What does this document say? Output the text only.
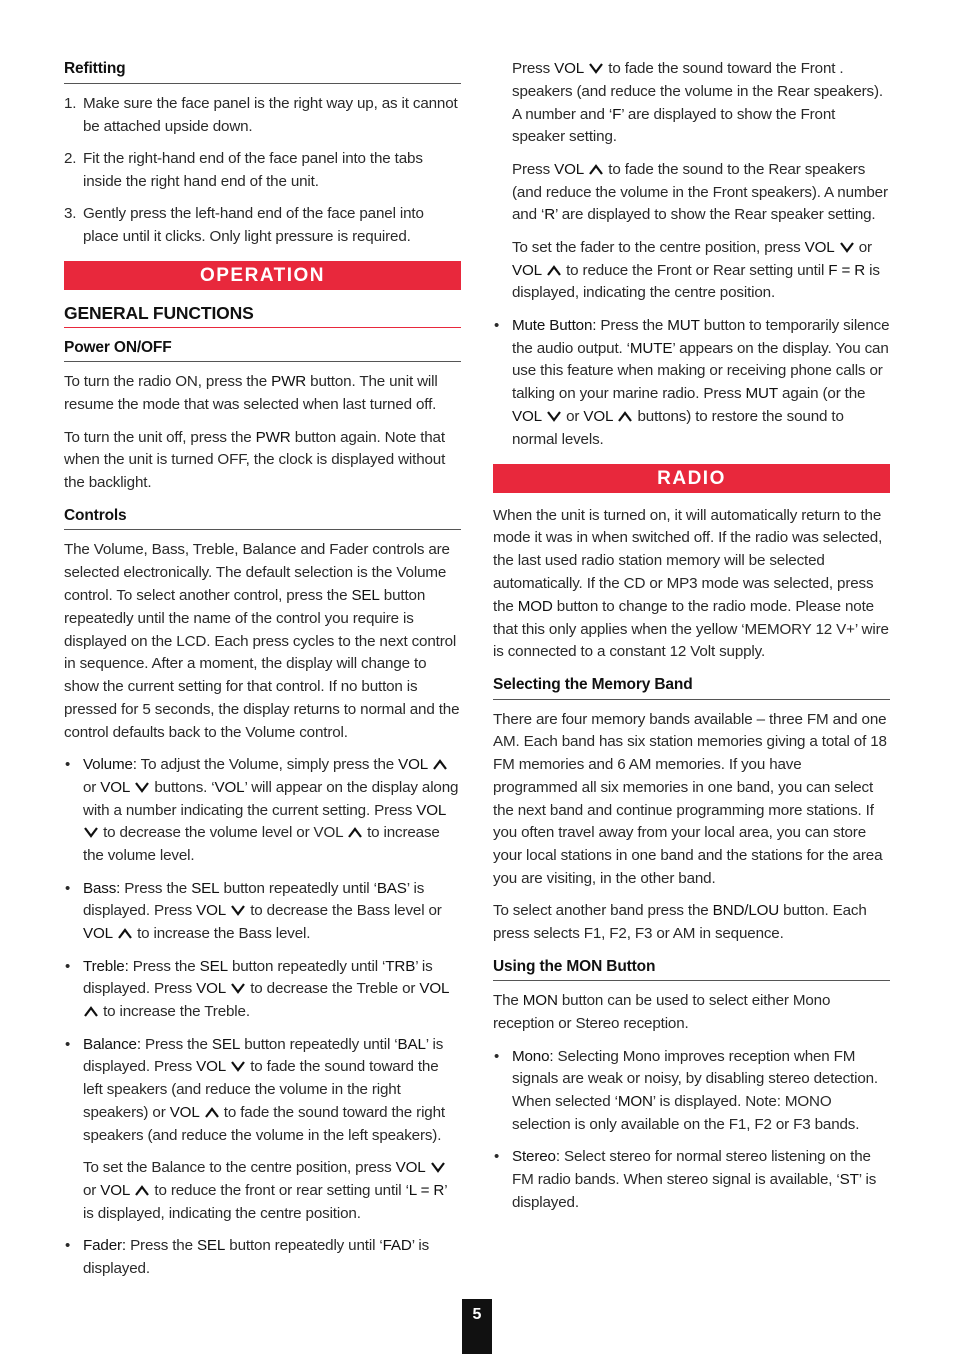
Refitting
1. Make sure the face panel is the right way up, as it cannot be attached upside down.
2. Fit the right-hand end of the face panel into the tabs inside the right hand end of the unit.
3. Gently press the left-hand end of the face panel into place until it clicks. Only light pressure is required.
OPERATION
GENERAL FUNCTIONS
Power ON/OFF

To turn the radio ON, press the PWR button. The unit will resume the mode that was selected when last turned off.

To turn the unit off, press the PWR button again. Note that when the unit is turned OFF, the clock is displayed without the backlight.

Controls

The Volume, Bass, Treble, Balance and Fader controls are selected electronically. The default selection is the Volume control. To select another control, press the SEL button repeatedly until the name of the control you require is displayed on the LCD. Each press cycles to the next control in sequence. After a moment, the display will change to show the current setting for that control. If no button is pressed for 5 seconds, the display returns to normal and the control defaults back to the Volume control.

• Volume: To adjust the Volume, simply press the VOL
or VOL
buttons. ‘VOL’ will appear on the display along with a number indicating the current setting. Press VOL
to decrease the volume level or VOL
to increase the volume level.
• Bass: Press the SEL button repeatedly until ‘BAS’ is displayed. Press VOL
to decrease the Bass level or VOL
to increase the Bass level.
• Treble: Press the SEL button repeatedly until ‘TRB’ is displayed. Press VOL
to decrease the Treble or VOL
to increase the Treble.
• Balance: Press the SEL button repeatedly until ‘BAL’ is displayed. Press VOL
to fade the sound toward the left speakers (and reduce the volume in the right speakers) or VOL
to fade the sound toward the right speakers (and reduce the volume in the left speakers).
To set the Balance to the centre position, press VOL
or VOL
to reduce the front or rear setting until ‘L = R’ is displayed, indicating the centre position.
• Fader: Press the SEL button repeatedly until ‘FAD’ is displayed.

Press VOL
to fade the sound toward the Front . speakers (and reduce the volume in the Rear speakers). A number and ‘F’ are displayed to show the Front speaker setting.

Press VOL
to fade the sound to the Rear speakers (and reduce the volume in the Front speakers). A number and ‘R’ are displayed to show the Rear speaker setting.

To set the fader to the centre position, press VOL
or VOL
to reduce the Front or Rear setting until F = R is displayed, indicating the centre position.

• Mute Button: Press the MUT button to temporarily silence the audio output. ‘MUTE’ appears on the display. You can use this feature when making or receiving phone calls or talking on your marine radio. Press MUT again (or the VOL
or VOL
buttons) to restore the sound to normal levels.
RADIO

When the unit is turned on, it will automatically return to the mode it was in when switched off. If the radio was selected, the last used radio station memory will be selected automatically. If the CD or MP3 mode was selected, press the MOD button to change to the radio mode. Please note that this only applies when the yellow ‘MEMORY 12 V+’ wire is connected to a constant 12 Volt supply.

Selecting the Memory Band

There are four memory bands available – three FM and one AM. Each band has six station memories giving a total of 18 FM memories and 6 AM memories. If you have programmed all six memories in one band, you can select the next band and continue programming more stations. If you often travel away from your local area, you can store your local stations in one band and the stations for the area you are visiting, in the other band.

To select another band press the BND/LOU button. Each press selects F1, F2, F3 or AM in sequence.

Using the MON Button

The MON button can be used to select either Mono reception or Stereo reception.

• Mono: Selecting Mono improves reception when FM signals are weak or noisy, by disabling stereo detection. When selected ‘MON’ is displayed. Note: MONO selection is only available on the F1, F2 or F3 bands.
• Stereo: Select stereo for normal stereo listening on the FM radio bands. When stereo signal is available, ‘ST’ is displayed.
5
